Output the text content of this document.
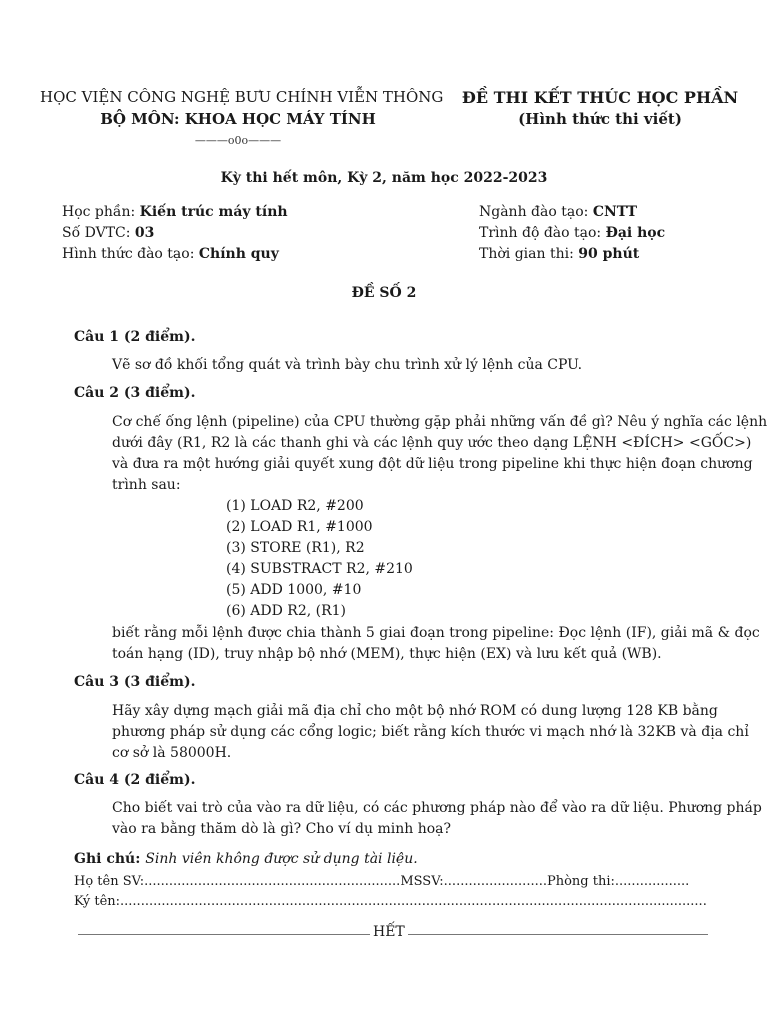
HỌC VIỆN CÔNG NGHỆ BƯU CHÍNH VIỄN THÔNG
BỘ MÔN: KHOA HỌC MÁY TÍNH
———o0o———
ĐỀ THI KẾT THÚC HỌC PHẦN
(Hình thức thi viết)
Kỳ thi hết môn, Kỳ 2, năm học 2022-2023
Học phần: Kiến trúc máy tính
Số DVTC: 03
Hình thức đào tạo: Chính quy
Ngành đào tạo: CNTT
Trình độ đào tạo: Đại học
Thời gian thi: 90 phút
ĐỀ SỐ 2
Câu 1 (2 điểm).
Vẽ sơ đồ khối tổng quát và trình bày chu trình xử lý lệnh của CPU.
Câu 2 (3 điểm).
Cơ chế ống lệnh (pipeline) của CPU thường gặp phải những vấn đề gì? Nêu ý nghĩa các lệnh
dưới đây (R1, R2 là các thanh ghi và các lệnh quy ước theo dạng LỆNH <ĐÍCH> <GỐC>)
và đưa ra một hướng giải quyết xung đột dữ liệu trong pipeline khi thực hiện đoạn chương
trình sau:
(1) LOAD R2, #200
(2) LOAD R1, #1000
(3) STORE (R1), R2
(4) SUBSTRACT R2, #210
(5) ADD 1000, #10
(6) ADD R2, (R1)
biết rằng mỗi lệnh được chia thành 5 giai đoạn trong pipeline: Đọc lệnh (IF), giải mã & đọc
toán hạng (ID), truy nhập bộ nhớ (MEM), thực hiện (EX) và lưu kết quả (WB).
Câu 3 (3 điểm).
Hãy xây dựng mạch giải mã địa chỉ cho một bộ nhớ ROM có dung lượng 128 KB bằng
phương pháp sử dụng các cổng logic; biết rằng kích thước vi mạch nhớ là 32KB và địa chỉ
cơ sở là 58000H.
Câu 4 (2 điểm).
Cho biết vai trò của vào ra dữ liệu, có các phương pháp nào để vào ra dữ liệu. Phương pháp
vào ra bằng thăm dò là gì? Cho ví dụ minh hoạ?
Ghi chú: Sinh viên không được sử dụng tài liệu.
Họ tên SV:..............................................................MSSV:.........................Phòng thi:..................
Ký tên:..............................................................................................................................................
HẾT
